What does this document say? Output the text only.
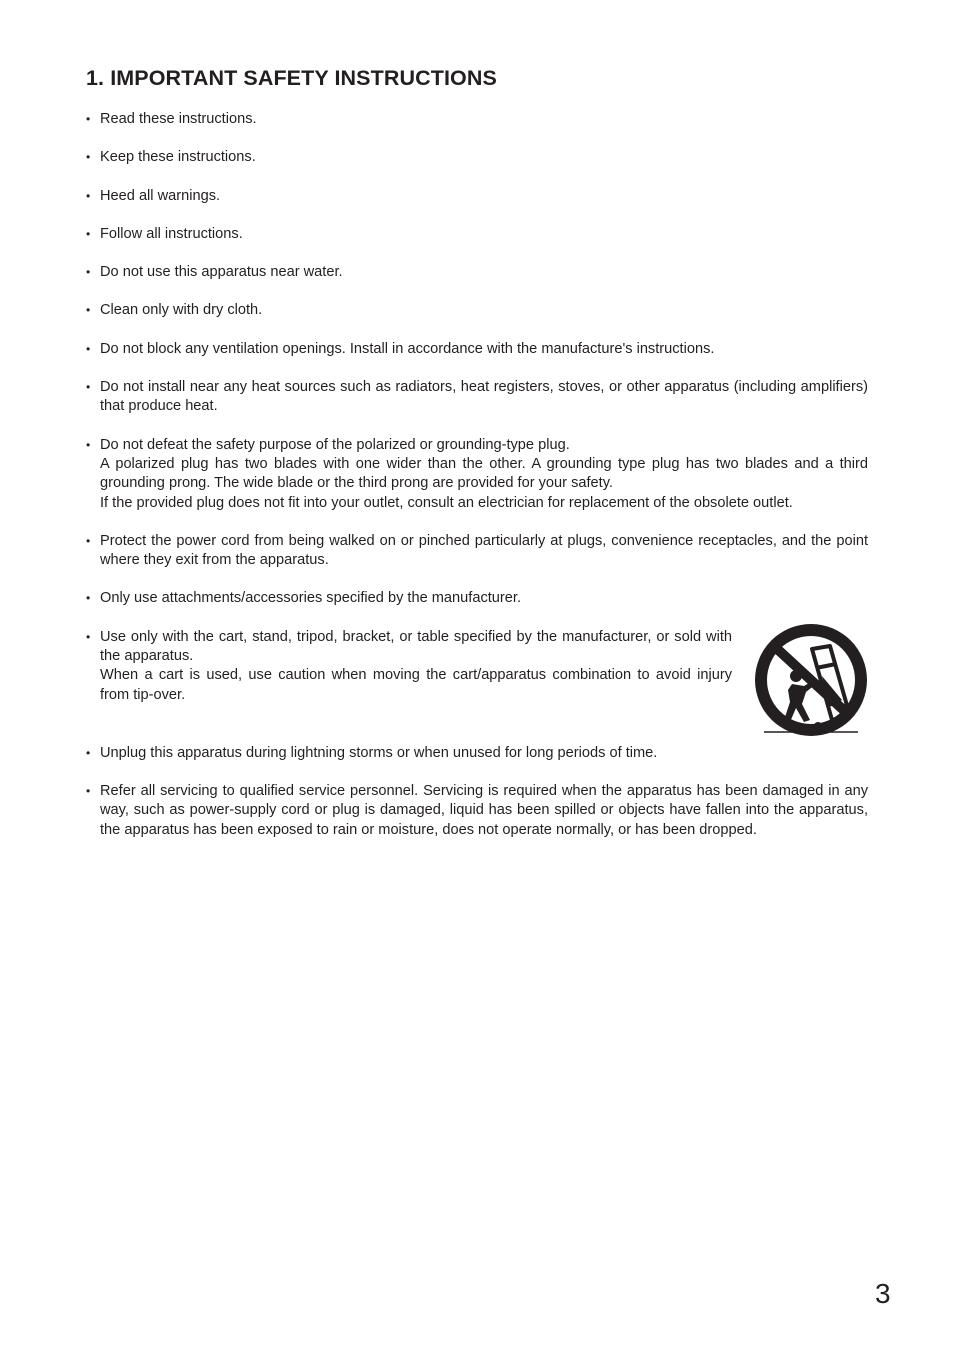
1. IMPORTANT SAFETY INSTRUCTIONS
• Read these instructions.

• Keep these instructions.

• Heed all warnings.

• Follow all instructions.

• Do not use this apparatus near water.

• Clean only with dry cloth.

• Do not block any ventilation openings. Install in accordance with the manufacture's instructions.

• Do not install near any heat sources such as radiators, heat registers, stoves, or other apparatus (including amplifiers) that produce heat.

• Do not defeat the safety purpose of the polarized or grounding-type plug.

A polarized plug has two blades with one wider than the other. A grounding type plug has two blades and a third grounding prong. The wide blade or the third prong are provided for your safety.

If the provided plug does not fit into your outlet, consult an electrician for replacement of the obsolete outlet.

• Protect the power cord from being walked on or pinched particularly at plugs, convenience receptacles, and the point where they exit from the apparatus.

• Only use attachments/accessories specified by the manufacturer.

• Use only with the cart, stand, tripod, bracket, or table specified by the manufacturer, or sold with the apparatus.

When a cart is used, use caution when moving the cart/apparatus combination to avoid injury from tip-over.

• Unplug this apparatus during lightning storms or when unused for long periods of time.

• Refer all servicing to qualified service personnel. Servicing is required when the apparatus has been damaged in any way, such as power-supply cord or plug is damaged, liquid has been spilled or objects have fallen into the apparatus, the apparatus has been exposed to rain or moisture, does not operate normally, or has been dropped.

3
